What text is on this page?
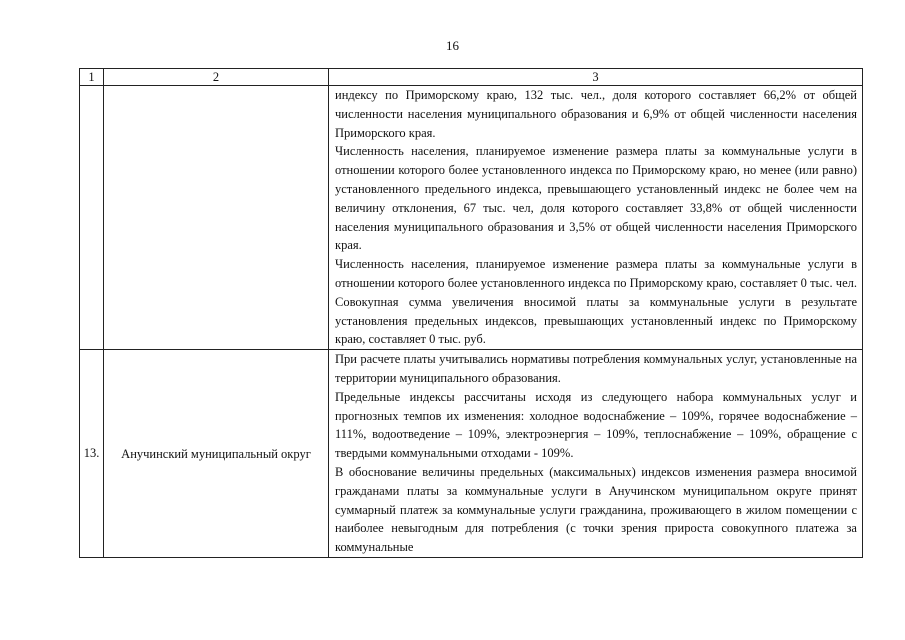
16
1	2	3

		индексу по Приморскому краю, 132 тыс. чел., доля которого составляет 66,2% от общей численности населения муниципального образования и 6,9% от общей численности населения Приморского края.

Численность населения, планируемое изменение размера платы за коммунальные услуги в отношении которого более установленного индекса по Приморскому краю, но менее (или равно) установленного предельного индекса, превышающего установленный индекс не более чем на величину отклонения, 67 тыс. чел, доля которого составляет 33,8% от общей численности населения муниципального образования и 3,5% от общей численности населения Приморского края.

Численность населения, планируемое изменение размера платы за коммунальные услуги в отношении которого более установленного индекса по Приморскому краю, составляет 0 тыс. чел. Совокупная сумма увеличения вносимой платы за коммунальные услуги в результате установления предельных индексов, превышающих установленный индекс по Приморскому краю, составляет 0 тыс. руб.

13.	Анучинский муниципальный округ	При расчете платы учитывались нормативы потребления коммунальных услуг, установленные на территории муниципального образования.

Предельные индексы рассчитаны исходя из следующего набора коммунальных услуг и прогнозных темпов их изменения: холодное водоснабжение – 109%, горячее водоснабжение – 111%, водоотведение – 109%, электроэнергия – 109%, теплоснабжение – 109%, обращение с твердыми коммунальными отходами - 109%.

В обоснование величины предельных (максимальных) индексов изменения размера вносимой гражданами платы за коммунальные услуги в Анучинском муниципальном округе принят суммарный платеж за коммунальные услуги гражданина, проживающего в жилом помещении с наиболее невыгодным для потребления (с точки зрения прироста совокупного платежа за коммунальные
